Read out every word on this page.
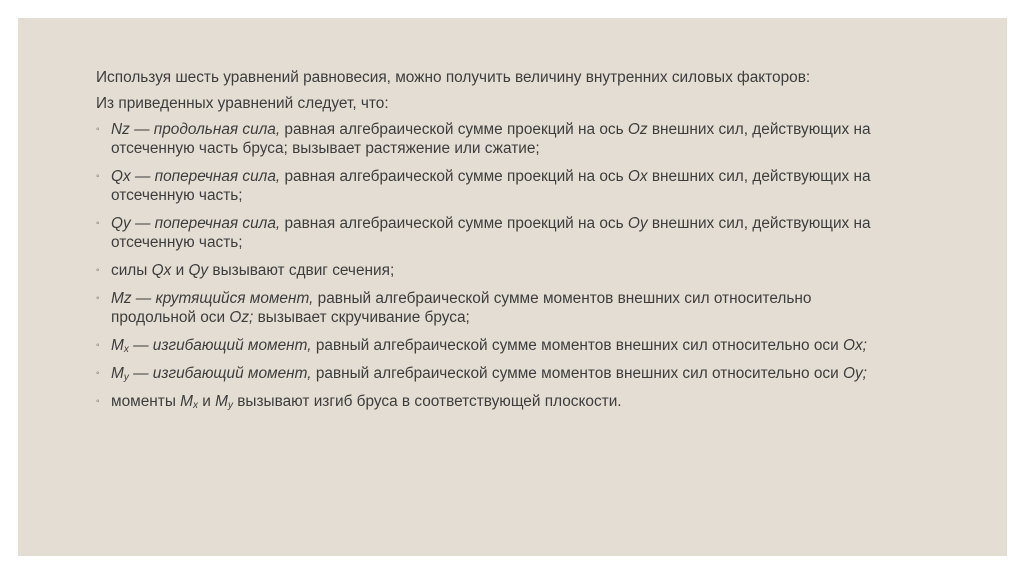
Используя шесть уравнений равновесия, можно получить величину внутренних силовых факторов:

Из приведенных уравнений следует, что:

◦ Nz — продольная сила, равная алгебраической сумме проекций на ось Oz внешних сил, действующих на отсеченную часть бруса; вызывает растяжение или сжатие;
◦ Qx — поперечная сила, равная алгебраической сумме проекций на ось Ox внешних сил, действующих на отсеченную часть;
◦ Qy — поперечная сила, равная алгебраической сумме проекций на ось Oy внешних сил, действующих на отсеченную часть;
◦ силы Qx и Qy вызывают сдвиг сечения;
◦ Mz — крутящийся момент, равный алгебраической сумме моментов внешних сил относительно продольной оси Oz; вызывает скручивание бруса;
◦ $M_x$ — изгибающий момент, равный алгебраической сумме моментов внешних сил относительно оси Ox;
◦ $M_y$ — изгибающий момент, равный алгебраической сумме моментов внешних сил относительно оси Oy;
◦ моменты $M_x$ и $M_y$ вызывают изгиб бруса в соответствующей плоскости.
